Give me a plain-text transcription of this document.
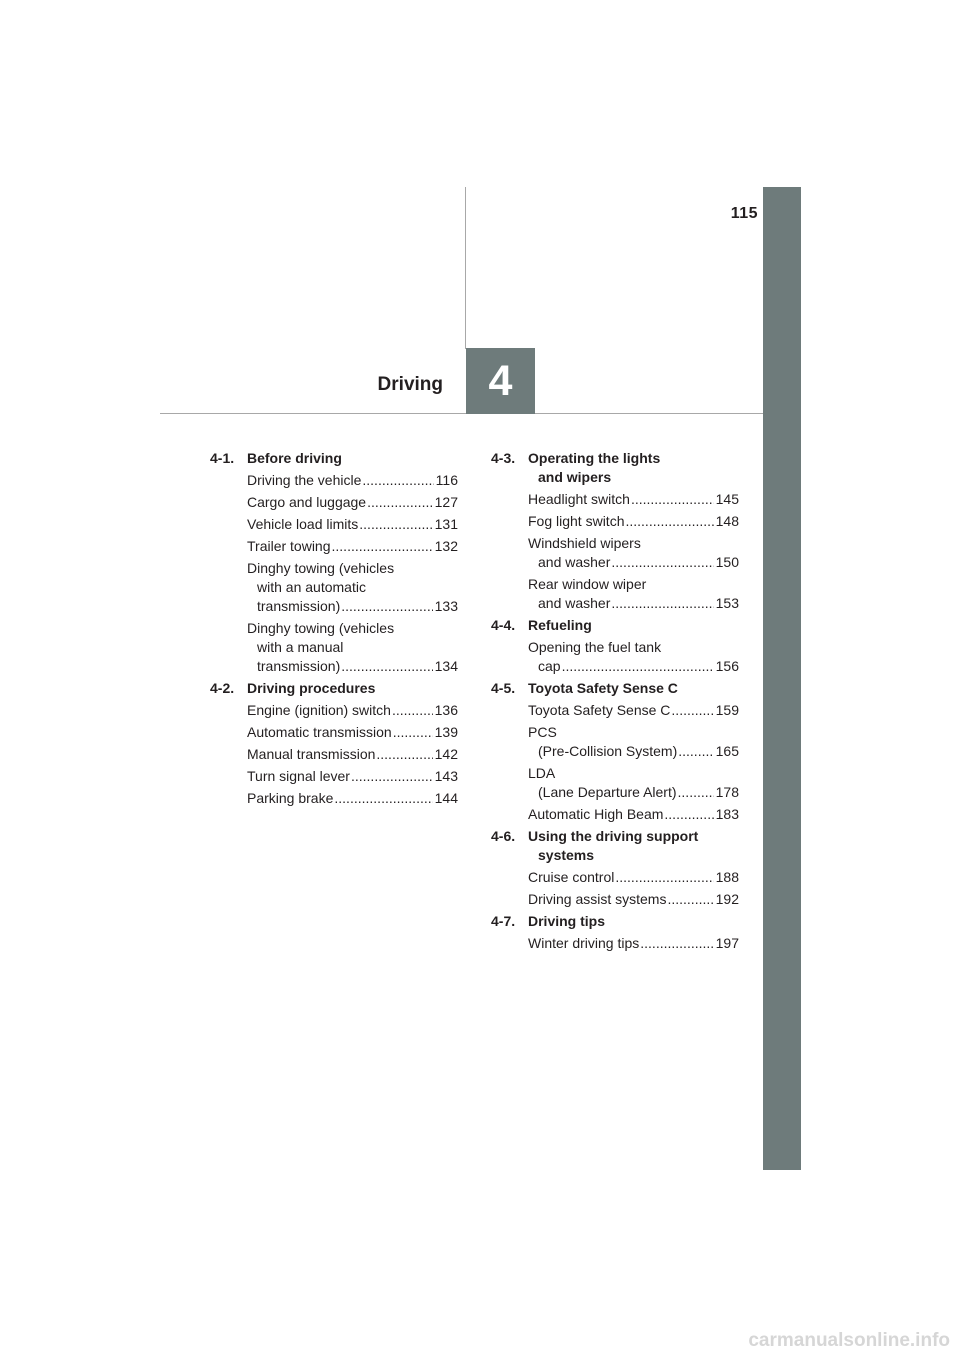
115
4
Driving
4-1. Before driving
Driving the vehicle .....	116
Cargo and luggage .....	127
Vehicle load limits .....	131
Trailer towing .....	132
Dinghy towing (vehicles
with an automatic
transmission) .....	133
Dinghy towing (vehicles
with a manual
transmission) .....	134
4-2. Driving procedures
Engine (ignition) switch .....	136
Automatic transmission .....	139
Manual transmission .....	142
Turn signal lever .....	143
Parking brake .....	144
4-3. Operating the lights
and wipers
Headlight switch .....	145
Fog light switch .....	148
Windshield wipers
and washer .....	150
Rear window wiper
and washer .....	153
4-4. Refueling
Opening the fuel tank
cap .....	156
4-5. Toyota Safety Sense C
Toyota Safety Sense C .....	159
PCS
(Pre-Collision System) .....	165
LDA
(Lane Departure Alert) .....	178
Automatic High Beam .....	183
4-6. Using the driving support
systems
Cruise control .....	188
Driving assist systems .....	192
4-7. Driving tips
Winter driving tips .....	197
carmanualsonline.info
